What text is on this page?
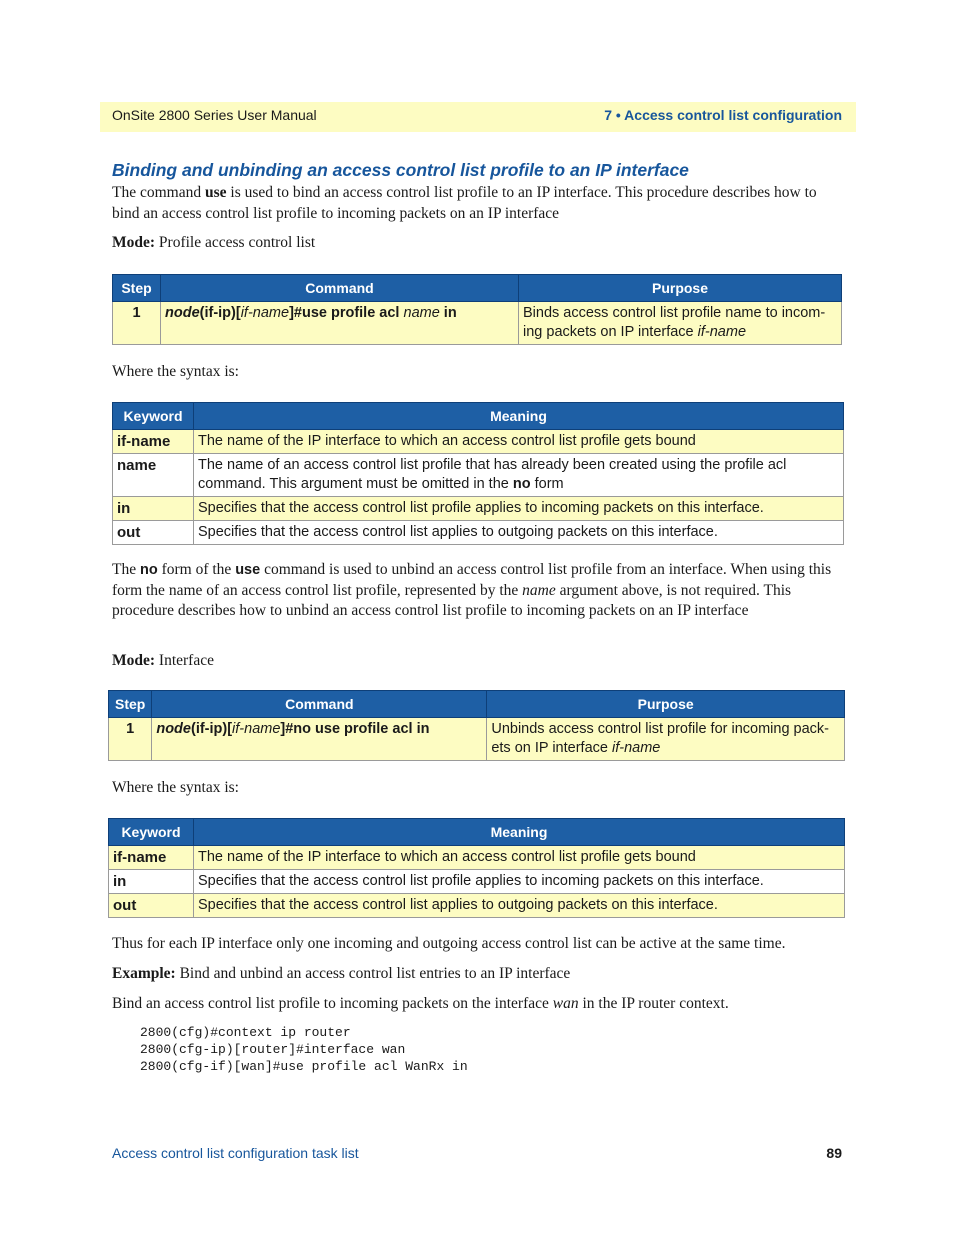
OnSite 2800 Series User Manual	7 • Access control list configuration
Binding and unbinding an access control list profile to an IP interface
The command use is used to bind an access control list profile to an IP interface. This procedure describes how to bind an access control list profile to incoming packets on an IP interface
Mode: Profile access control list
Step	Command	Purpose
1	node(if-ip)[if-name]#use profile acl name in	Binds access control list profile name to incom-ing packets on IP interface if-name
Where the syntax is:
Keyword	Meaning
if-name	The name of the IP interface to which an access control list profile gets bound
name	The name of an access control list profile that has already been created using the profile acl command. This argument must be omitted in the no form
in	Specifies that the access control list profile applies to incoming packets on this interface.
out	Specifies that the access control list applies to outgoing packets on this interface.
The no form of the use command is used to unbind an access control list profile from an interface. When using this form the name of an access control list profile, represented by the name argument above, is not required. This procedure describes how to unbind an access control list profile to incoming packets on an IP interface
Mode: Interface
Step	Command	Purpose
1	node(if-ip)[if-name]#no use profile acl in	Unbinds access control list profile for incoming pack-ets on IP interface if-name
Where the syntax is:
Keyword	Meaning
if-name	The name of the IP interface to which an access control list profile gets bound
in	Specifies that the access control list profile applies to incoming packets on this interface.
out	Specifies that the access control list applies to outgoing packets on this interface.
Thus for each IP interface only one incoming and outgoing access control list can be active at the same time.
Example: Bind and unbind an access control list entries to an IP interface
Bind an access control list profile to incoming packets on the interface wan in the IP router context.
2800(cfg)#context ip router
2800(cfg-ip)[router]#interface wan
2800(cfg-if)[wan]#use profile acl WanRx in
Access control list configuration task list	89
